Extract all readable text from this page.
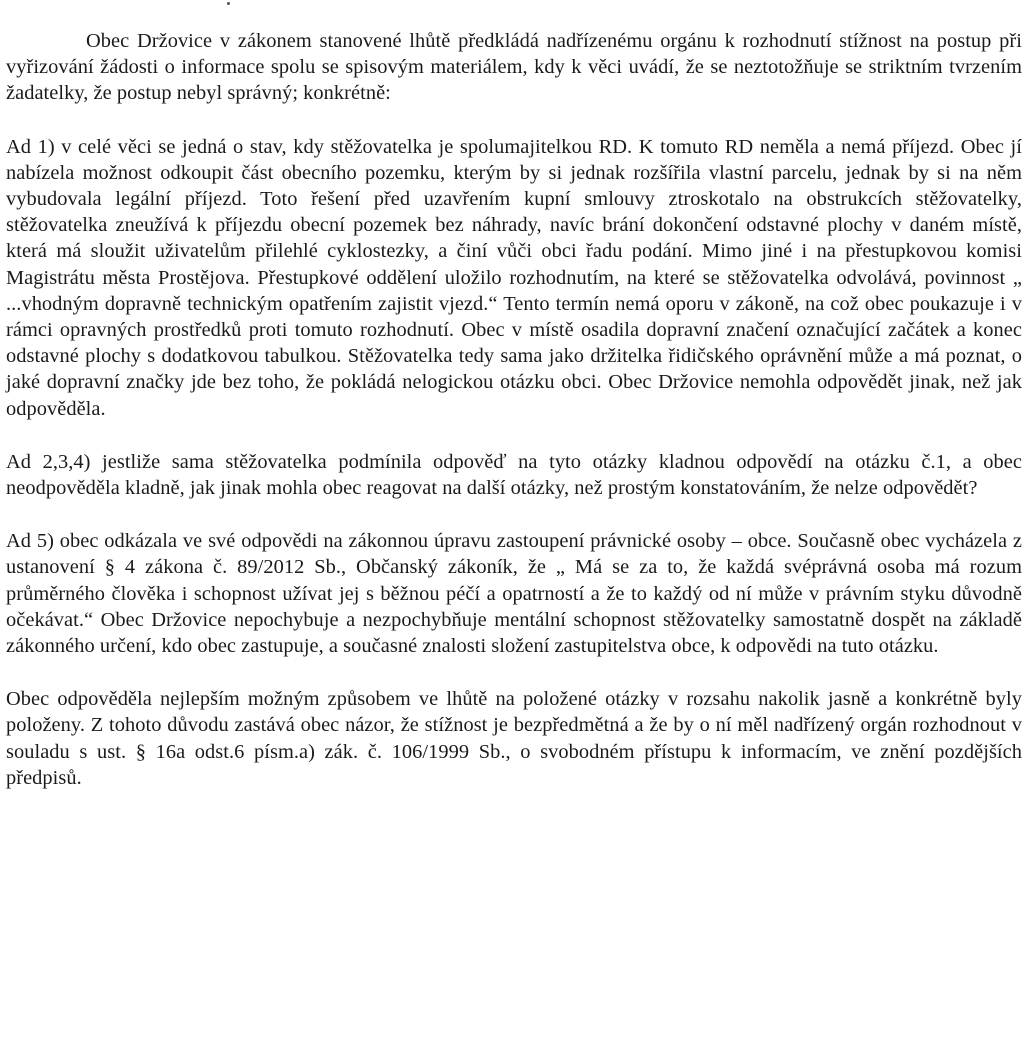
Obec Držovice v zákonem stanovené lhůtě předkládá nadřízenému orgánu k rozhodnutí stížnost na postup při vyřizování žádosti o informace spolu se spisovým materiálem, kdy k věci uvádí, že se neztotožňuje se striktním tvrzením žadatelky, že postup nebyl správný; konkrétně:

Ad 1) v celé věci se jedná o stav, kdy stěžovatelka je spolumajitelkou RD. K tomuto RD neměla a nemá příjezd. Obec jí nabízela možnost odkoupit část obecního pozemku, kterým by si jednak rozšířila vlastní parcelu, jednak by si na něm vybudovala legální příjezd. Toto řešení před uzavřením kupní smlouvy ztroskotalo na obstrukcích stěžovatelky, stěžovatelka zneužívá k příjezdu obecní pozemek bez náhrady, navíc brání dokončení odstavné plochy v daném místě, která má sloužit uživatelům přilehlé cyklostezky, a činí vůči obci řadu podání. Mimo jiné i na přestupkovou komisi Magistrátu města Prostějova. Přestupkové oddělení uložilo rozhodnutím, na které se stěžovatelka odvolává, povinnost „ ...vhodným dopravně technickým opatřením zajistit vjezd.“ Tento termín nemá oporu v zákoně, na což obec poukazuje i v rámci opravných prostředků proti tomuto rozhodnutí. Obec v místě osadila dopravní značení označující začátek a konec odstavné plochy s dodatkovou tabulkou. Stěžovatelka tedy sama jako držitelka řidičského oprávnění může a má poznat, o jaké dopravní značky jde bez toho, že pokládá nelogickou otázku obci. Obec Držovice nemohla odpovědět jinak, než jak odpověděla.

Ad 2,3,4) jestliže sama stěžovatelka podmínila odpověď na tyto otázky kladnou odpovědí na otázku č.1, a obec neodpověděla kladně, jak jinak mohla obec reagovat na další otázky, než prostým konstatováním, že nelze odpovědět?

Ad 5) obec odkázala ve své odpovědi na zákonnou úpravu zastoupení právnické osoby – obce. Současně obec vycházela z ustanovení § 4 zákona č. 89/2012 Sb., Občanský zákoník, že „ Má se za to, že každá svéprávná osoba má rozum průměrného člověka i schopnost užívat jej s běžnou péčí a opatrností a že to každý od ní může v právním styku důvodně očekávat.“ Obec Držovice nepochybuje a nezpochybňuje mentální schopnost stěžovatelky samostatně dospět na základě zákonného určení, kdo obec zastupuje, a současné znalosti složení zastupitelstva obce, k odpovědi na tuto otázku.

Obec odpověděla nejlepším možným způsobem ve lhůtě na položené otázky v rozsahu nakolik jasně a konkrétně byly položeny. Z tohoto důvodu zastává obec názor, že stížnost je bezpředmětná a že by o ní měl nadřízený orgán rozhodnout v souladu s ust. § 16a odst.6 písm.a) zák. č. 106/1999 Sb., o svobodném přístupu k informacím, ve znění pozdějších předpisů.
